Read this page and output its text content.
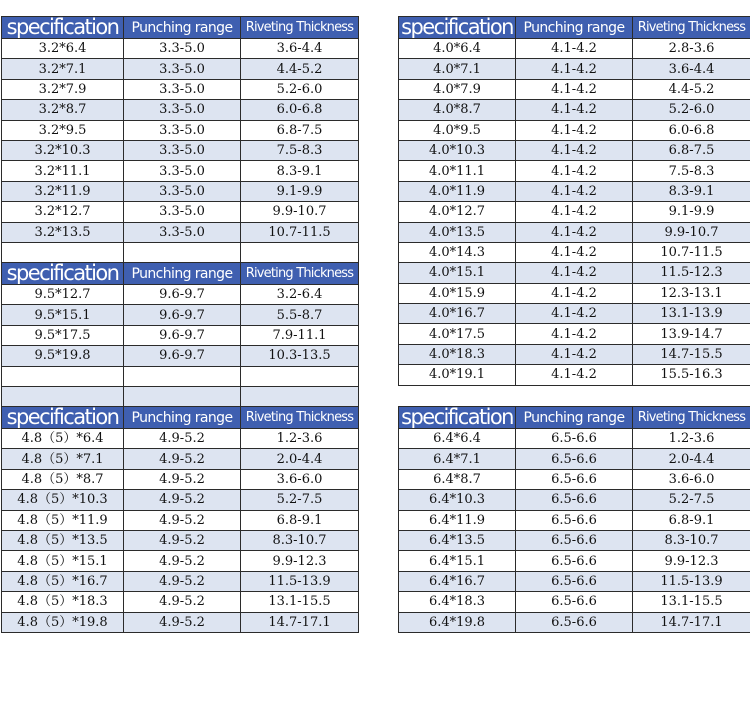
specification	Punching range	Riveting Thickness
3.2*6.4	3.3-5.0	3.6-4.4
3.2*7.1	3.3-5.0	4.4-5.2
3.2*7.9	3.3-5.0	5.2-6.0
3.2*8.7	3.3-5.0	6.0-6.8
3.2*9.5	3.3-5.0	6.8-7.5
3.2*10.3	3.3-5.0	7.5-8.3
3.2*11.1	3.3-5.0	8.3-9.1
3.2*11.9	3.3-5.0	9.1-9.9
3.2*12.7	3.3-5.0	9.9-10.7
3.2*13.5	3.3-5.0	10.7-11.5

specification	Punching range	Riveting Thickness
9.5*12.7	9.6-9.7	3.2-6.4
9.5*15.1	9.6-9.7	5.5-8.7
9.5*17.5	9.6-9.7	7.9-11.1
9.5*19.8	9.6-9.7	10.3-13.5

specification	Punching range	Riveting Thickness
4.8（5）*6.4	4.9-5.2	1.2-3.6
4.8（5）*7.1	4.9-5.2	2.0-4.4
4.8（5）*8.7	4.9-5.2	3.6-6.0
4.8（5）*10.3	4.9-5.2	5.2-7.5
4.8（5）*11.9	4.9-5.2	6.8-9.1
4.8（5）*13.5	4.9-5.2	8.3-10.7
4.8（5）*15.1	4.9-5.2	9.9-12.3
4.8（5）*16.7	4.9-5.2	11.5-13.9
4.8（5）*18.3	4.9-5.2	13.1-15.5
4.8（5）*19.8	4.9-5.2	14.7-17.1
specification	Punching range	Riveting Thickness
4.0*6.4	4.1-4.2	2.8-3.6
4.0*7.1	4.1-4.2	3.6-4.4
4.0*7.9	4.1-4.2	4.4-5.2
4.0*8.7	4.1-4.2	5.2-6.0
4.0*9.5	4.1-4.2	6.0-6.8
4.0*10.3	4.1-4.2	6.8-7.5
4.0*11.1	4.1-4.2	7.5-8.3
4.0*11.9	4.1-4.2	8.3-9.1
4.0*12.7	4.1-4.2	9.1-9.9
4.0*13.5	4.1-4.2	9.9-10.7
4.0*14.3	4.1-4.2	10.7-11.5
4.0*15.1	4.1-4.2	11.5-12.3
4.0*15.9	4.1-4.2	12.3-13.1
4.0*16.7	4.1-4.2	13.1-13.9
4.0*17.5	4.1-4.2	13.9-14.7
4.0*18.3	4.1-4.2	14.7-15.5
4.0*19.1	4.1-4.2	15.5-16.3
specification	Punching range	Riveting Thickness
6.4*6.4	6.5-6.6	1.2-3.6
6.4*7.1	6.5-6.6	2.0-4.4
6.4*8.7	6.5-6.6	3.6-6.0
6.4*10.3	6.5-6.6	5.2-7.5
6.4*11.9	6.5-6.6	6.8-9.1
6.4*13.5	6.5-6.6	8.3-10.7
6.4*15.1	6.5-6.6	9.9-12.3
6.4*16.7	6.5-6.6	11.5-13.9
6.4*18.3	6.5-6.6	13.1-15.5
6.4*19.8	6.5-6.6	14.7-17.1
